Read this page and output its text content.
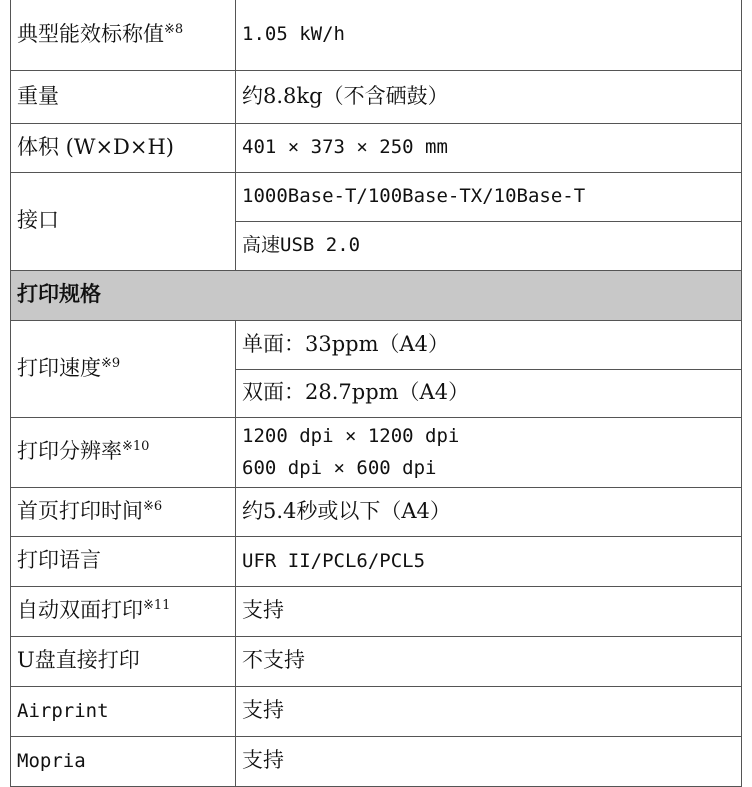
典型能效标称值$^{※8}$	1.05 kW/h
重量	约8.8kg（不含硒鼓）
体积 (W×D×H)	401 × 373 × 250 mm
接口	1000Base-T/100Base-TX/10Base-T
	高速USB 2.0
打印规格	
打印速度$^{※9}$	单面：33ppm（A4）
	双面：28.7ppm（A4）
打印分辨率$^{※10}$	1200 dpi × 1200 dpi
600 dpi × 600 dpi

首页打印时间$^{※6}$	约5.4秒或以下（A4）
打印语言	UFR II/PCL6/PCL5
自动双面打印$^{※11}$	支持
U盘直接打印	不支持
Airprint	支持
Mopria	支持
